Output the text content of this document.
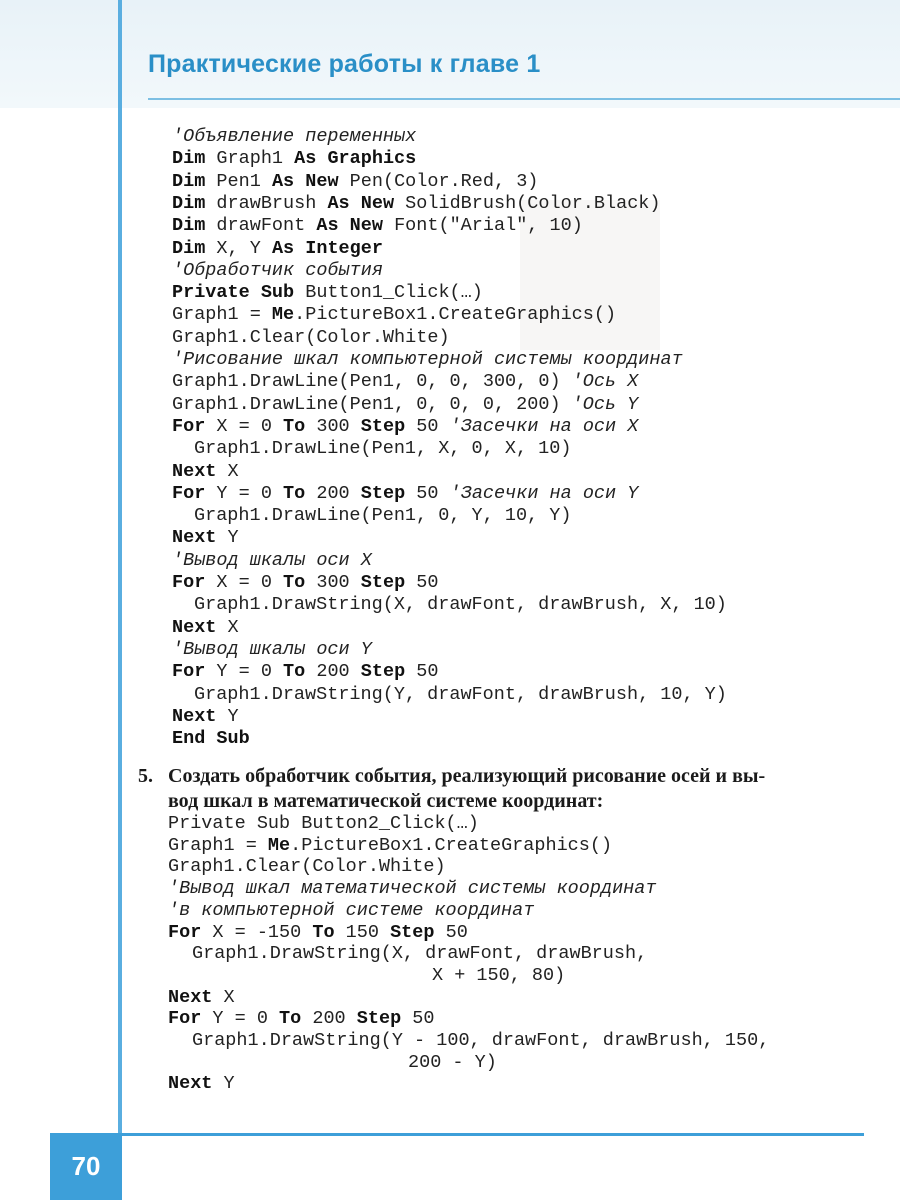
Практические работы к главе 1
'Объявление переменных
Dim Graph1 As Graphics
Dim Pen1 As New Pen(Color.Red, 3)
Dim drawBrush As New SolidBrush(Color.Black)
Dim drawFont As New Font("Arial", 10)
Dim X, Y As Integer
'Обработчик события
Private Sub Button1_Click(…)
Graph1 = Me.PictureBox1.CreateGraphics()
Graph1.Clear(Color.White)
'Рисование шкал компьютерной системы координат
Graph1.DrawLine(Pen1, 0, 0, 300, 0) 'Ось X
Graph1.DrawLine(Pen1, 0, 0, 0, 200) 'Ось Y
For X = 0 To 300 Step 50 'Засечки на оси X
Graph1.DrawLine(Pen1, X, 0, X, 10)
Next X
For Y = 0 To 200 Step 50 'Засечки на оси Y
Graph1.DrawLine(Pen1, 0, Y, 10, Y)
Next Y
'Вывод шкалы оси X
For X = 0 To 300 Step 50
Graph1.DrawString(X, drawFont, drawBrush, X, 10)
Next X
'Вывод шкалы оси Y
For Y = 0 To 200 Step 50
Graph1.DrawString(Y, drawFont, drawBrush, 10, Y)
Next Y
End Sub
5. Создать обработчик события, реализующий рисование осей и вы-
вод шкал в математической системе координат:
Private Sub Button2_Click(…)
Graph1 = Me.PictureBox1.CreateGraphics()
Graph1.Clear(Color.White)
'Вывод шкал математической системы координат
'в компьютерной системе координат
For X = -150 To 150 Step 50
Graph1.DrawString(X, drawFont, drawBrush,
X + 150, 80)
Next X
For Y = 0 To 200 Step 50
Graph1.DrawString(Y - 100, drawFont, drawBrush, 150,
200 - Y)
Next Y
70
